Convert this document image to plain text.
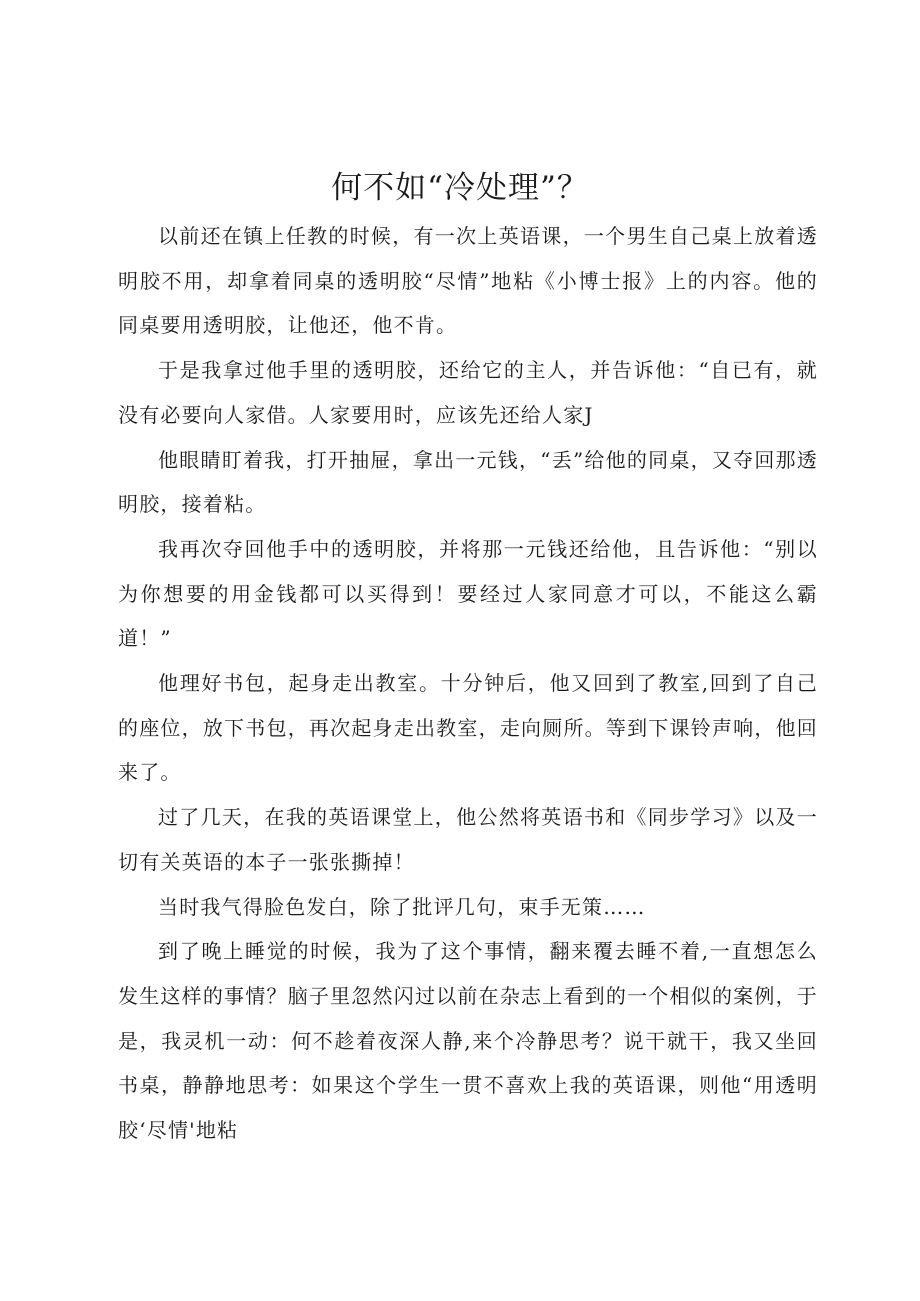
何不如“冷处理”？

以前还在镇上任教的时候，有一次上英语课，一个男生自己桌上放着透明胶不用，却拿着同桌的透明胶“尽情”地粘《小博士报》上的内容。他的同桌要用透明胶，让他还，他不肯。

于是我拿过他手里的透明胶，还给它的主人，并告诉他：“自已有，就没有必要向人家借。人家要用时，应该先还给人家J

他眼睛盯着我，打开抽屉，拿出一元钱，“丢”给他的同桌，又夺回那透明胶，接着粘。

我再次夺回他手中的透明胶，并将那一元钱还给他，且告诉他：“别以为你想要的用金钱都可以买得到！要经过人家同意才可以，不能这么霸道！”

他理好书包，起身走出教室。十分钟后，他又回到了教室,回到了自己的座位，放下书包，再次起身走出教室，走向厕所。等到下课铃声响，他回来了。

过了几天，在我的英语课堂上，他公然将英语书和《同步学习》以及一切有关英语的本子一张张撕掉！

当时我气得脸色发白，除了批评几句，束手无策……

到了晚上睡觉的时候，我为了这个事情，翻来覆去睡不着,一直想怎么发生这样的事情？脑子里忽然闪过以前在杂志上看到的一个相似的案例，于是，我灵机一动：何不趁着夜深人静,来个冷静思考？说干就干，我又坐回书桌，静静地思考：如果这个学生一贯不喜欢上我的英语课，则他“用透明胶‘尽情'地粘
